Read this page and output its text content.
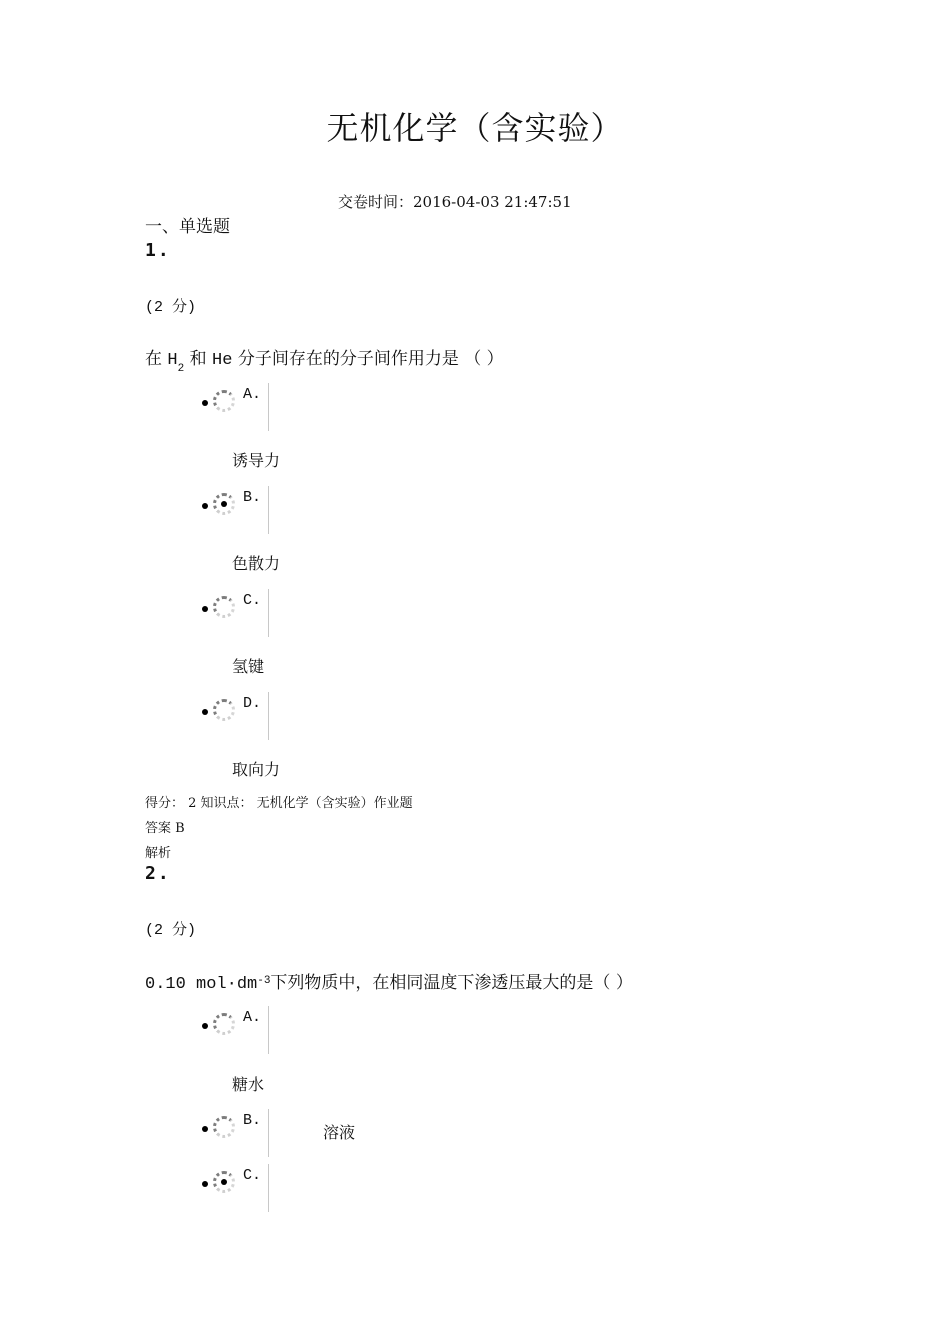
无机化学（含实验）
交卷时间：2016-04-03 21:47:51
一、单选题
1.
(2 分)
在 $H_2$ 和 He 分子间存在的分子间作用力是 （ ）
A.
诱导力
B.
色散力
C.
氢键
D.
取向力
得分： 2 知识点： 无机化学（含实验）作业题
答案 B
解析
2.
(2 分)
0.10 $mol\cdot dm^{-3}$下列物质中，在相同温度下渗透压最大的是（ ）
A.
糖水
B.
溶液
C.
